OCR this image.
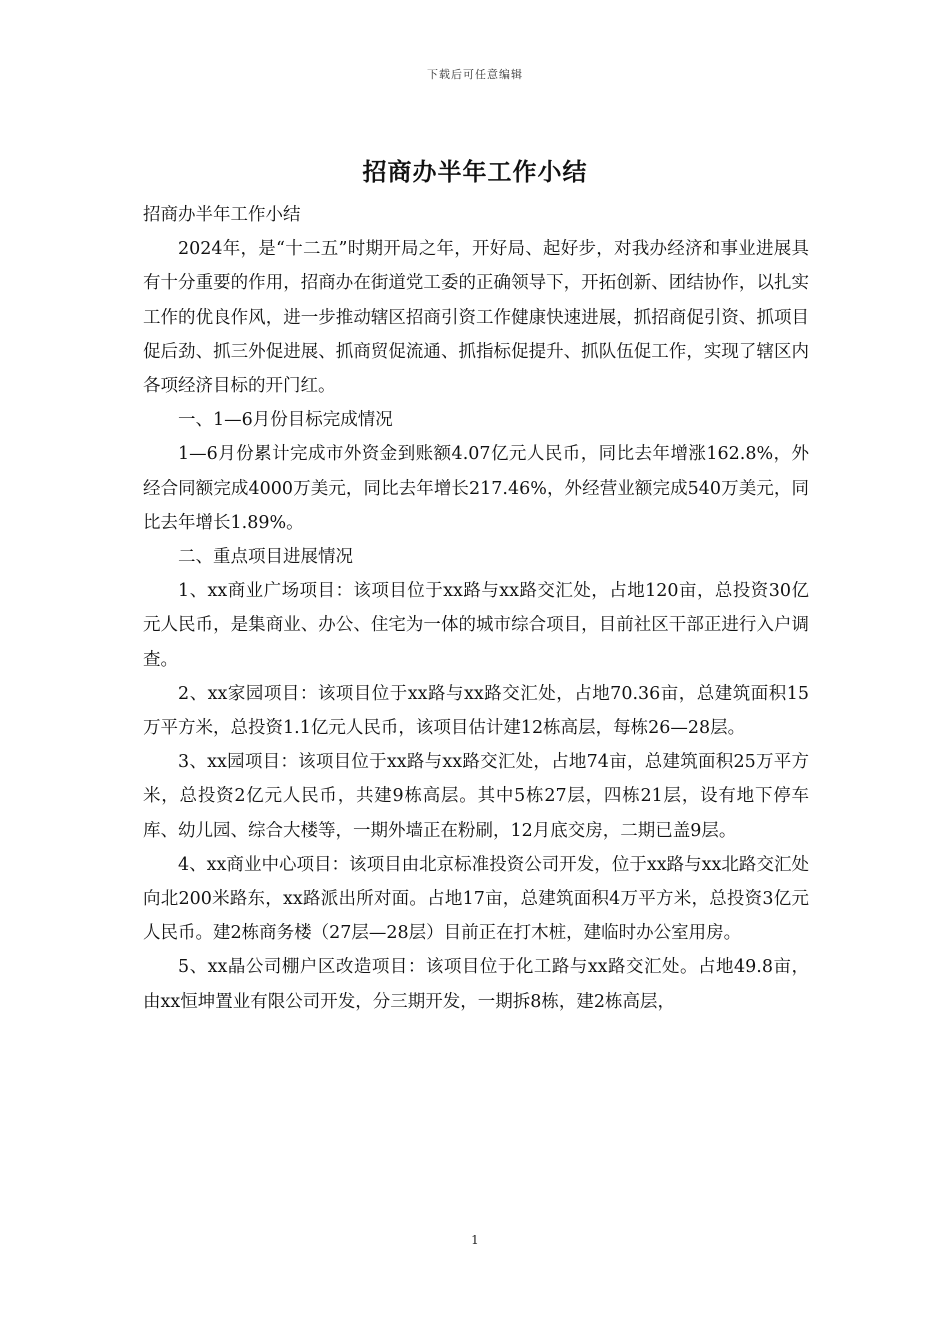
下载后可任意编辑
招商办半年工作小结

招商办半年工作小结

2024年，是“十二五”时期开局之年，开好局、起好步，对我办经济和事业进展具有十分重要的作用，招商办在街道党工委的正确领导下，开拓创新、团结协作，以扎实工作的优良作风，进一步推动辖区招商引资工作健康快速进展，抓招商促引资、抓项目促后劲、抓三外促进展、抓商贸促流通、抓指标促提升、抓队伍促工作，实现了辖区内各项经济目标的开门红。

一、1—6月份目标完成情况

1—6月份累计完成市外资金到账额4.07亿元人民币，同比去年增涨162.8%，外经合同额完成4000万美元，同比去年增长217.46%，外经营业额完成540万美元，同比去年增长1.89%。

二、重点项目进展情况

1、xx商业广场项目：该项目位于xx路与xx路交汇处，占地120亩，总投资30亿元人民币，是集商业、办公、住宅为一体的城市综合项目，目前社区干部正进行入户调查。

2、xx家园项目：该项目位于xx路与xx路交汇处，占地70.36亩，总建筑面积15万平方米，总投资1.1亿元人民币，该项目估计建12栋高层，每栋26—28层。

3、xx园项目：该项目位于xx路与xx路交汇处，占地74亩，总建筑面积25万平方米，总投资2亿元人民币，共建9栋高层。其中5栋27层，四栋21层，设有地下停车库、幼儿园、综合大楼等，一期外墙正在粉刷，12月底交房，二期已盖9层。

4、xx商业中心项目：该项目由北京标准投资公司开发，位于xx路与xx北路交汇处向北200米路东，xx路派出所对面。占地17亩，总建筑面积4万平方米，总投资3亿元人民币。建2栋商务楼（27层—28层）目前正在打木桩，建临时办公室用房。

5、xx晶公司棚户区改造项目：该项目位于化工路与xx路交汇处。占地49.8亩，由xx恒坤置业有限公司开发，分三期开发，一期拆8栋，建2栋高层，

1
